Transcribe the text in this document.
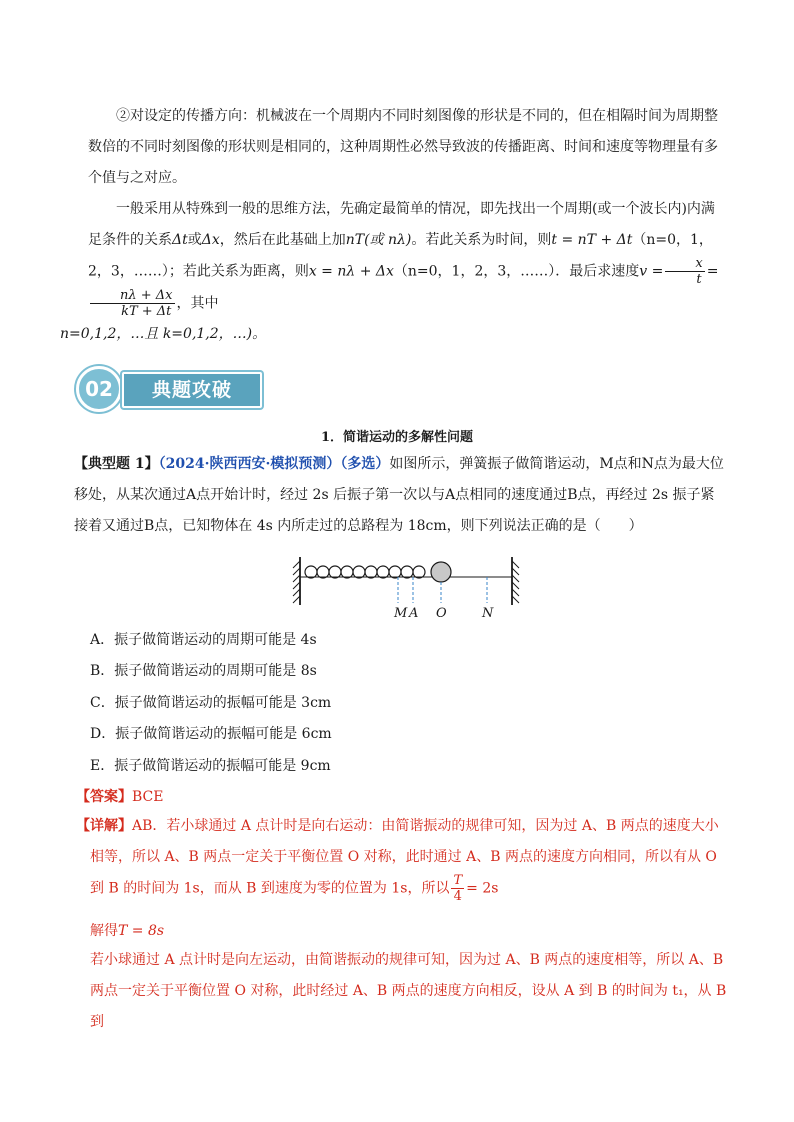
②对设定的传播方向：机械波在一个周期内不同时刻图像的形状是不同的，但在相隔时间为周期整数倍的不同时刻图像的形状则是相同的，这种周期性必然导致波的传播距离、时间和速度等物理量有多个值与之对应。

一般采用从特殊到一般的思维方法，先确定最简单的情况，即先找出一个周期(或一个波长内)内满足条件的关系Δt或Δx，然后在此基础上加nT(或 nλ)。若此关系为时间，则t = nT + Δt（n=0，1，2，3，……）；若此关系为距离，则x = nλ + Δx（n=0，1，2，3，……）．最后求速度$v = \frac{x}{t}$ =
$\frac{n\lambda + \Delta x}{kT + \Delta t}$ ，其中
n=0,1,2，…且 k=0,1,2，…)。

02	典题攻破
1．简谐运动的多解性问题

【典型题 1】（2024·陕西西安·模拟预测）（多选）如图所示，弹簧振子做简谐运动，M点和N点为最大位移处，从某次通过A点开始计时，经过 2s 后振子第一次以与A点相同的速度通过B点，再经过 2s 振子紧接着又通过B点，已知物体在 4s 内所走过的总路程为 18cm，则下列说法正确的是（　　）

M A O	N
A．振子做简谐运动的周期可能是 4s
B．振子做简谐运动的周期可能是 8s
C．振子做简谐运动的振幅可能是 3cm
D．振子做简谐运动的振幅可能是 6cm
E．振子做简谐运动的振幅可能是 9cm
【答案】BCE

【详解】AB．若小球通过 A 点计时是向右运动：由简谐振动的规律可知，因为过 A、B 两点的速度大小相等，所以 A、B 两点一定关于平衡位置 O 对称，此时通过 A、B 两点的速度方向相同，所以有从 O 到 B 的时间为 1s，而从 B 到速度为零的位置为 1s，所以 $\frac{T}{4} = 2s$

解得T = 8s

若小球通过 A 点计时是向左运动，由简谐振动的规律可知，因为过 A、B 两点的速度相等，所以 A、B 两点一定关于平衡位置 O 对称，此时经过 A、B 两点的速度方向相反，设从 A 到 B 的时间为 t₁，从 B 到
